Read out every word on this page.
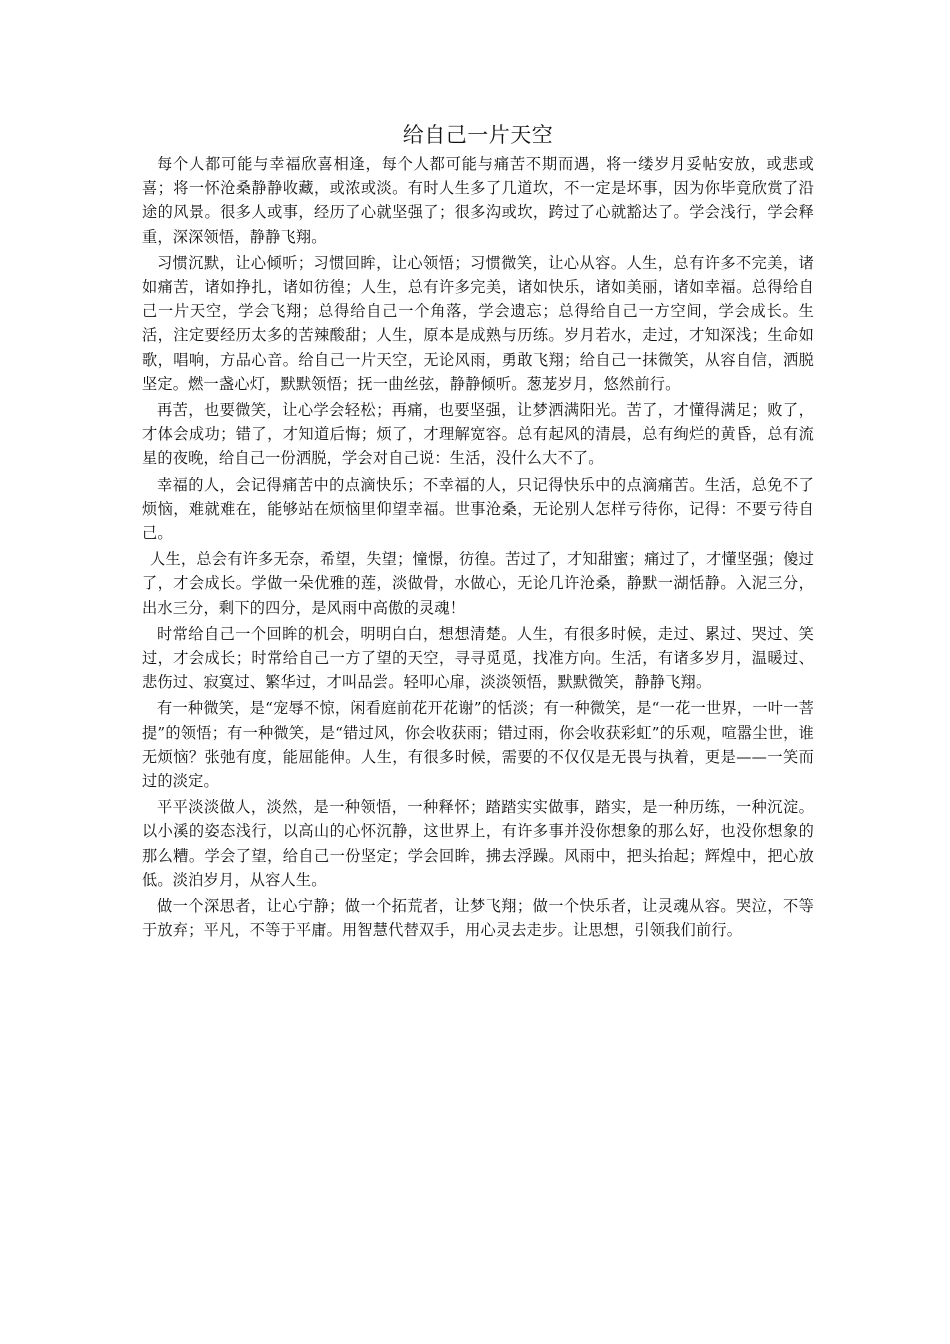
给自己一片天空

每个人都可能与幸福欣喜相逢，每个人都可能与痛苦不期而遇，将一缕岁月妥帖安放，或悲或喜；将一怀沧桑静静收藏，或浓或淡。有时人生多了几道坎，不一定是坏事，因为你毕竟欣赏了沿途的风景。很多人或事，经历了心就坚强了；很多沟或坎，跨过了心就豁达了。学会浅行，学会释重，深深领悟，静静飞翔。

习惯沉默，让心倾听；习惯回眸，让心领悟；习惯微笑，让心从容。人生，总有许多不完美，诸如痛苦，诸如挣扎，诸如彷徨；人生，总有许多完美，诸如快乐，诸如美丽，诸如幸福。总得给自己一片天空，学会飞翔；总得给自己一个角落，学会遗忘；总得给自己一方空间，学会成长。生活，注定要经历太多的苦辣酸甜；人生，原本是成熟与历练。岁月若水，走过，才知深浅；生命如歌，唱响，方品心音。给自己一片天空，无论风雨，勇敢飞翔；给自己一抹微笑，从容自信，洒脱坚定。燃一盏心灯，默默领悟；抚一曲丝弦，静静倾听。葱茏岁月，悠然前行。

再苦，也要微笑，让心学会轻松；再痛，也要坚强，让梦洒满阳光。苦了，才懂得满足；败了，才体会成功；错了，才知道后悔；烦了，才理解宽容。总有起风的清晨，总有绚烂的黄昏，总有流星的夜晚，给自己一份洒脱，学会对自己说：生活，没什么大不了。

幸福的人，会记得痛苦中的点滴快乐；不幸福的人，只记得快乐中的点滴痛苦。生活，总免不了烦恼，难就难在，能够站在烦恼里仰望幸福。世事沧桑，无论别人怎样亏待你，记得：不要亏待自己。

人生，总会有许多无奈，希望，失望；憧憬，彷徨。苦过了，才知甜蜜；痛过了，才懂坚强；傻过了，才会成长。学做一朵优雅的莲，淡做骨，水做心，无论几许沧桑，静默一湖恬静。入泥三分，出水三分，剩下的四分，是风雨中高傲的灵魂！

时常给自己一个回眸的机会，明明白白，想想清楚。人生，有很多时候，走过、累过、哭过、笑过，才会成长；时常给自己一方了望的天空，寻寻觅觅，找准方向。生活，有诸多岁月，温暖过、悲伤过、寂寞过、繁华过，才叫品尝。轻叩心扉，淡淡领悟，默默微笑，静静飞翔。

有一种微笑，是“宠辱不惊，闲看庭前花开花谢”的恬淡；有一种微笑，是“一花一世界，一叶一菩提”的领悟；有一种微笑，是“错过风，你会收获雨；错过雨，你会收获彩虹”的乐观，喧嚣尘世，谁无烦恼？张弛有度，能屈能伸。人生，有很多时候，需要的不仅仅是无畏与执着，更是——一笑而过的淡定。

平平淡淡做人，淡然，是一种领悟，一种释怀；踏踏实实做事，踏实，是一种历练，一种沉淀。以小溪的姿态浅行，以高山的心怀沉静，这世界上，有许多事并没你想象的那么好，也没你想象的那么糟。学会了望，给自己一份坚定；学会回眸，拂去浮躁。风雨中，把头抬起；辉煌中，把心放低。淡泊岁月，从容人生。

做一个深思者，让心宁静；做一个拓荒者，让梦飞翔；做一个快乐者，让灵魂从容。哭泣，不等于放弃；平凡，不等于平庸。用智慧代替双手，用心灵去走步。让思想，引领我们前行。
